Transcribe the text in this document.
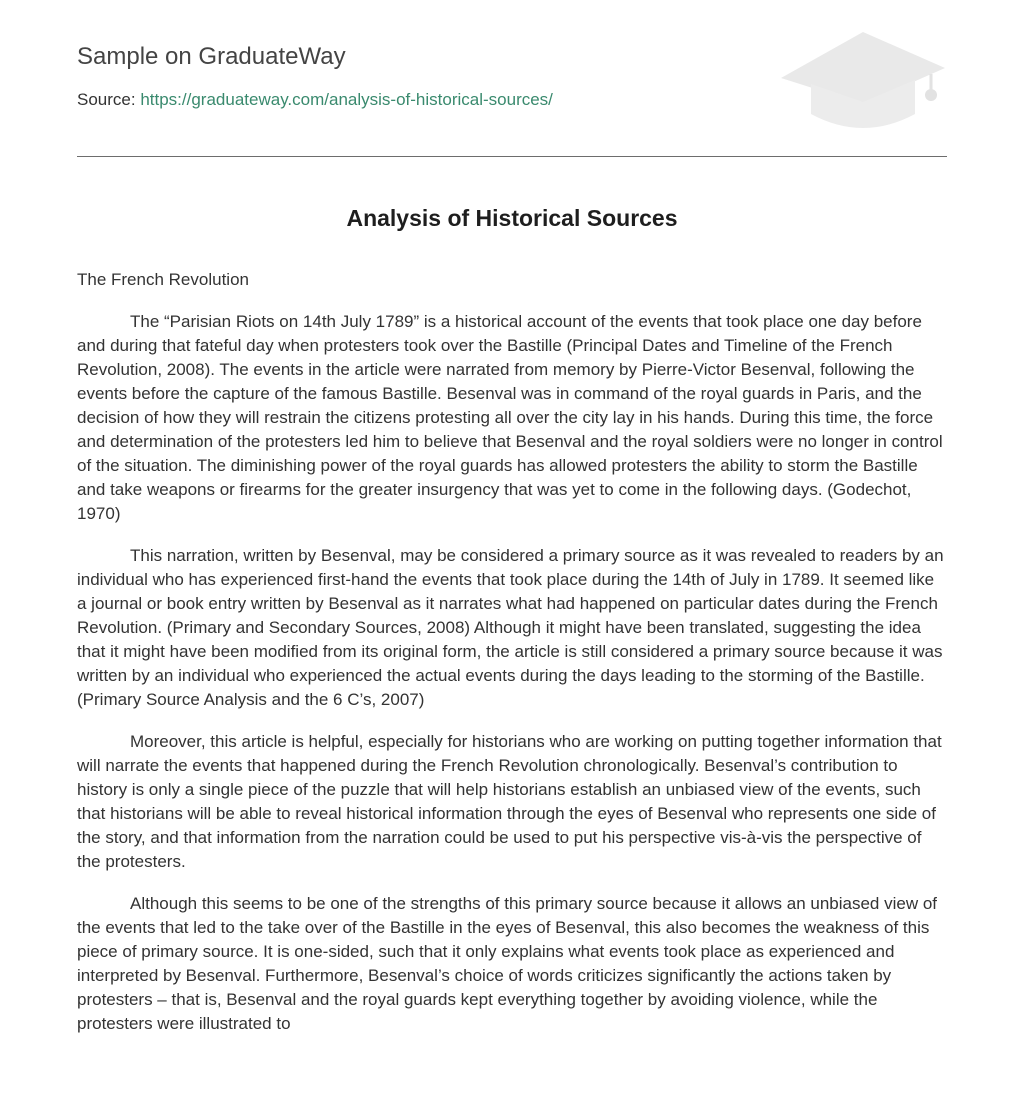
Sample on GraduateWay
Source: https://graduateway.com/analysis-of-historical-sources/
Analysis of Historical Sources

The French Revolution

The “Parisian Riots on 14th July 1789” is a historical account of the events that took place one day before and during that fateful day when protesters took over the Bastille (Principal Dates and Timeline of the French Revolution, 2008). The events in the article were narrated from memory by Pierre-Victor Besenval, following the events before the capture of the famous Bastille. Besenval was in command of the royal guards in Paris, and the decision of how they will restrain the citizens protesting all over the city lay in his hands. During this time, the force and determination of the protesters led him to believe that Besenval and the royal soldiers were no longer in control of the situation. The diminishing power of the royal guards has allowed protesters the ability to storm the Bastille and take weapons or firearms for the greater insurgency that was yet to come in the following days. (Godechot, 1970)

This narration, written by Besenval, may be considered a primary source as it was revealed to readers by an individual who has experienced first-hand the events that took place during the 14th of July in 1789. It seemed like a journal or book entry written by Besenval as it narrates what had happened on particular dates during the French Revolution. (Primary and Secondary Sources, 2008) Although it might have been translated, suggesting the idea that it might have been modified from its original form, the article is still considered a primary source because it was written by an individual who experienced the actual events during the days leading to the storming of the Bastille. (Primary Source Analysis and the 6 C’s, 2007)

Moreover, this article is helpful, especially for historians who are working on putting together information that will narrate the events that happened during the French Revolution chronologically. Besenval’s contribution to history is only a single piece of the puzzle that will help historians establish an unbiased view of the events, such that historians will be able to reveal historical information through the eyes of Besenval who represents one side of the story, and that information from the narration could be used to put his perspective vis-à-vis the perspective of the protesters.

Although this seems to be one of the strengths of this primary source because it allows an unbiased view of the events that led to the take over of the Bastille in the eyes of Besenval, this also becomes the weakness of this piece of primary source. It is one-sided, such that it only explains what events took place as experienced and interpreted by Besenval. Furthermore, Besenval’s choice of words criticizes significantly the actions taken by protesters – that is, Besenval and the royal guards kept everything together by avoiding violence, while the protesters were illustrated to
